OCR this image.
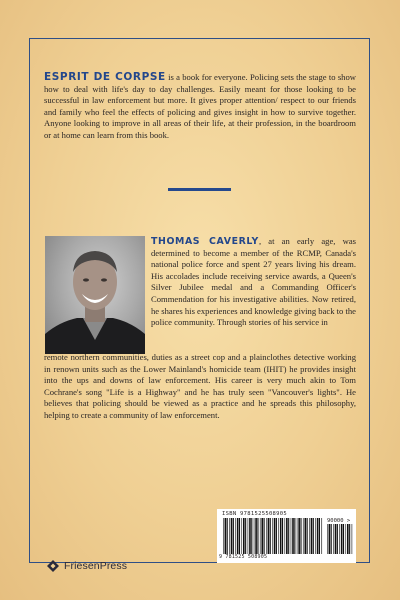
ESPRIT DE CORPSE is a book for everyone. Policing sets the stage to show how to deal with life's day to day challenges. Easily meant for those looking to be successful in law enforcement but more. It gives proper attention/ respect to our friends and family who feel the effects of policing and gives insight in how to survive together. Anyone looking to improve in all areas of their life, at their profession, in the boardroom or at home can learn from this book.

THOMAS CAVERLY, at an early age, was determined to become a member of the RCMP, Canada's national police force and spent 27 years living his dream. His accolades include receiving service awards, a Queen's Silver Jubilee medal and a Commanding Officer's Commendation for his investigative abilities. Now retired, he shares his experiences and knowledge giving back to the police community. Through stories of his service in

remote northern communities, duties as a street cop and a plainclothes detective working in renown units such as the Lower Mainland's homicide team (IHIT) he provides insight into the ups and downs of law enforcement. His career is very much akin to Tom Cochrane's song "Life is a Highway" and he has truly seen "Vancouver's lights". He believes that policing should be viewed as a practice and he spreads this philosophy, helping to create a community of law enforcement.

ISBN 9781525508905
90000 >
9 781525 508905
FriesenPress
